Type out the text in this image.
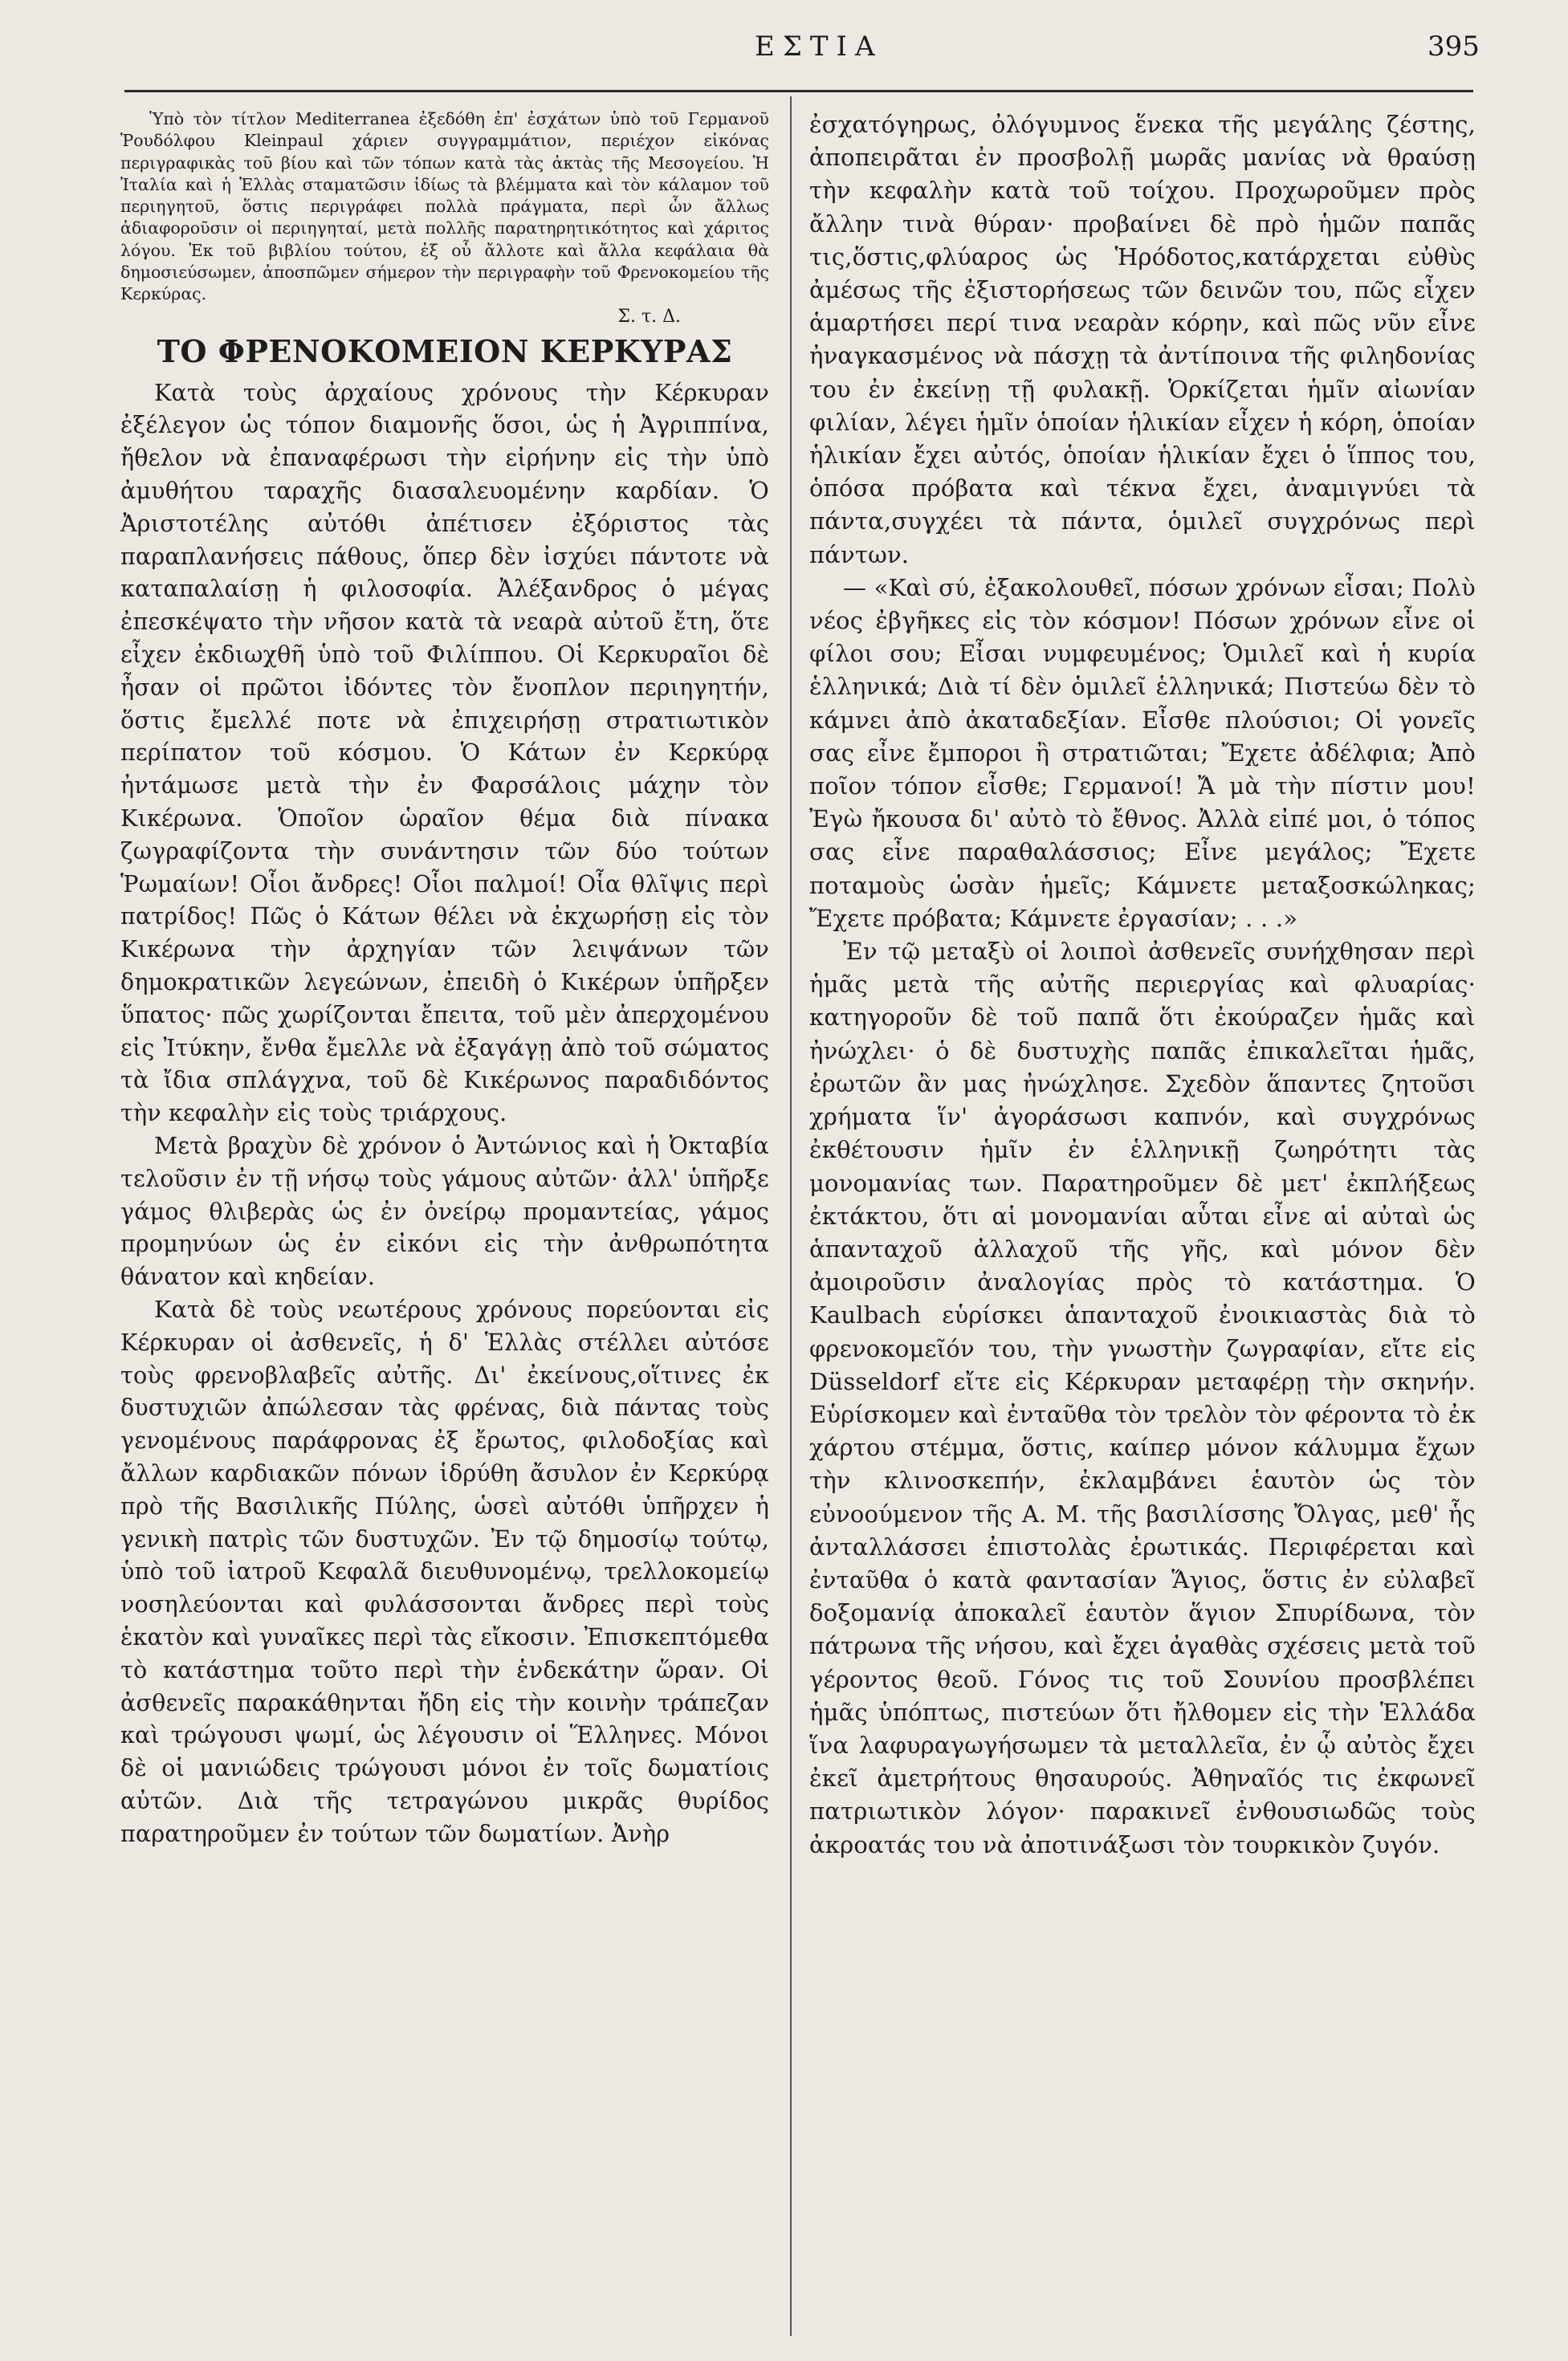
ΕΣΤΙΑ	395

Ὑπὸ τὸν τίτλον Mediterranea ἐξεδόθη ἐπ' ἐσχάτων ὑπὸ τοῦ Γερμανοῦ Ῥουδόλφου Kleinpaul χάριεν συγγραμμάτιον, περιέχον εἰκόνας περιγραφικὰς τοῦ βίου καὶ τῶν τόπων κατὰ τὰς ἀκτὰς τῆς Μεσογείου. Ἡ Ἰταλία καὶ ἡ Ἑλλὰς σταματῶσιν ἰδίως τὰ βλέμματα καὶ τὸν κάλαμον τοῦ περιηγητοῦ, ὅστις περιγράφει πολλὰ πράγματα, περὶ ὧν ἄλλως ἀδιαφοροῦσιν οἱ περιηγηταί, μετὰ πολλῆς παρατηρητικότητος καὶ χάριτος λόγου. Ἐκ τοῦ βιβλίου τούτου, ἐξ οὗ ἄλλοτε καὶ ἄλλα κεφάλαια θὰ δημοσιεύσωμεν, ἀποσπῶμεν σήμερον τὴν περιγραφὴν τοῦ Φρενοκομείου τῆς Κερκύρας.

Σ. τ. Δ.

ΤΟ ΦΡΕΝΟΚΟΜΕΙΟΝ ΚΕΡΚΥΡΑΣ

Κατὰ τοὺς ἀρχαίους χρόνους τὴν Κέρκυραν ἐξέλεγον ὡς τόπον διαμονῆς ὅσοι, ὡς ἡ Ἀγριππίνα, ἤθελον νὰ ἐπαναφέρωσι τὴν εἰρήνην εἰς τὴν ὑπὸ ἀμυθήτου ταραχῆς διασαλευομένην καρδίαν. Ὁ Ἀριστοτέλης αὐτόθι ἀπέτισεν ἐξόριστος τὰς παραπλανήσεις πάθους, ὅπερ δὲν ἰσχύει πάντοτε νὰ καταπαλαίσῃ ἡ φιλοσοφία. Ἀλέξανδρος ὁ μέγας ἐπεσκέψατο τὴν νῆσον κατὰ τὰ νεαρὰ αὐτοῦ ἔτη, ὅτε εἶχεν ἐκδιωχθῆ ὑπὸ τοῦ Φιλίππου. Οἱ Κερκυραῖοι δὲ ἦσαν οἱ πρῶτοι ἰδόντες τὸν ἔνοπλον περιηγητήν, ὅστις ἔμελλέ ποτε νὰ ἐπιχειρήσῃ στρατιωτικὸν περίπατον τοῦ κόσμου. Ὁ Κάτων ἐν Κερκύρᾳ ἠντάμωσε μετὰ τὴν ἐν Φαρσάλοις μάχην τὸν Κικέρωνα. Ὁποῖον ὡραῖον θέμα διὰ πίνακα ζωγραφίζοντα τὴν συνάντησιν τῶν δύο τούτων Ῥωμαίων! Οἷοι ἄνδρες! Οἷοι παλμοί! Οἷα θλῖψις περὶ πατρίδος! Πῶς ὁ Κάτων θέλει νὰ ἐκχωρήσῃ εἰς τὸν Κικέρωνα τὴν ἀρχηγίαν τῶν λειψάνων τῶν δημοκρατικῶν λεγεώνων, ἐπειδὴ ὁ Κικέρων ὑπῆρξεν ὕπατος· πῶς χωρίζονται ἔπειτα, τοῦ μὲν ἀπερχομένου εἰς Ἰτύκην, ἔνθα ἔμελλε νὰ ἐξαγάγῃ ἀπὸ τοῦ σώματος τὰ ἴδια σπλάγχνα, τοῦ δὲ Κικέρωνος παραδιδόντος τὴν κεφαλὴν εἰς τοὺς τριάρχους.

Μετὰ βραχὺν δὲ χρόνον ὁ Ἀντώνιος καὶ ἡ Ὀκταβία τελοῦσιν ἐν τῇ νήσῳ τοὺς γάμους αὐτῶν· ἀλλ' ὑπῆρξε γάμος θλιβερὰς ὡς ἐν ὀνείρῳ προμαντείας, γάμος προμηνύων ὡς ἐν εἰκόνι εἰς τὴν ἀνθρωπότητα θάνατον καὶ κηδείαν.

Κατὰ δὲ τοὺς νεωτέρους χρόνους πορεύονται εἰς Κέρκυραν οἱ ἀσθενεῖς, ἡ δ' Ἑλλὰς στέλλει αὐτόσε τοὺς φρενοβλαβεῖς αὐτῆς. Δι' ἐκείνους,οἵτινες ἐκ δυστυχιῶν ἀπώλεσαν τὰς φρένας, διὰ πάντας τοὺς γενομένους παράφρονας ἐξ ἔρωτος, φιλοδοξίας καὶ ἄλλων καρδιακῶν πόνων ἱδρύθη ἄσυλον ἐν Κερκύρᾳ πρὸ τῆς Βασιλικῆς Πύλης, ὡσεὶ αὐτόθι ὑπῆρχεν ἡ γενικὴ πατρὶς τῶν δυστυχῶν. Ἐν τῷ δημοσίῳ τούτῳ, ὑπὸ τοῦ ἰατροῦ Κεφαλᾶ διευθυνομένῳ, τρελλοκομείῳ νοσηλεύονται καὶ φυλάσσονται ἄνδρες περὶ τοὺς ἑκατὸν καὶ γυναῖκες περὶ τὰς εἴκοσιν. Ἐπισκεπτόμεθα τὸ κατάστημα τοῦτο περὶ τὴν ἑνδεκάτην ὥραν. Οἱ ἀσθενεῖς παρακάθηνται ἤδη εἰς τὴν κοινὴν τράπεζαν καὶ τρώγουσι ψωμί, ὡς λέγουσιν οἱ Ἕλληνες. Μόνοι δὲ οἱ μανιώδεις τρώγουσι μόνοι ἐν τοῖς δωματίοις αὐτῶν. Διὰ τῆς τετραγώνου μικρᾶς θυρίδος παρατηροῦμεν ἐν τούτων τῶν δωματίων. Ἀνὴρ

ἐσχατόγηρως, ὀλόγυμνος ἕνεκα τῆς μεγάλης ζέστης, ἀποπειρᾶται ἐν προσβολῇ μωρᾶς μανίας νὰ θραύσῃ τὴν κεφαλὴν κατὰ τοῦ τοίχου. Προχωροῦμεν πρὸς ἄλλην τινὰ θύραν· προβαίνει δὲ πρὸ ἡμῶν παπᾶς τις,ὅστις,φλύαρος ὡς Ἡρόδοτος,κατάρχεται εὐθὺς ἀμέσως τῆς ἐξιστορήσεως τῶν δεινῶν του, πῶς εἶχεν ἁμαρτήσει περί τινα νεαρὰν κόρην, καὶ πῶς νῦν εἶνε ἠναγκασμένος νὰ πάσχῃ τὰ ἀντίποινα τῆς φιληδονίας του ἐν ἐκείνῃ τῇ φυλακῇ. Ὁρκίζεται ἡμῖν αἰωνίαν φιλίαν, λέγει ἡμῖν ὁποίαν ἡλικίαν εἶχεν ἡ κόρη, ὁποίαν ἡλικίαν ἔχει αὐτός, ὁποίαν ἡλικίαν ἔχει ὁ ἵππος του, ὁπόσα πρόβατα καὶ τέκνα ἔχει, ἀναμιγνύει τὰ πάντα,συγχέει τὰ πάντα, ὁμιλεῖ συγχρόνως περὶ πάντων.

— «Καὶ σύ, ἐξακολουθεῖ, πόσων χρόνων εἶσαι; Πολὺ νέος ἐβγῆκες εἰς τὸν κόσμον! Πόσων χρόνων εἶνε οἱ φίλοι σου; Εἶσαι νυμφευμένος; Ὁμιλεῖ καὶ ἡ κυρία ἑλληνικά; Διὰ τί δὲν ὁμιλεῖ ἑλληνικά; Πιστεύω δὲν τὸ κάμνει ἀπὸ ἀκαταδεξίαν. Εἶσθε πλούσιοι; Οἱ γονεῖς σας εἶνε ἔμποροι ἢ στρατιῶται; Ἔχετε ἀδέλφια; Ἀπὸ ποῖον τόπον εἶσθε; Γερμανοί! Ἄ μὰ τὴν πίστιν μου! Ἐγὼ ἤκουσα δι' αὐτὸ τὸ ἔθνος. Ἀλλὰ εἰπέ μοι, ὁ τόπος σας εἶνε παραθαλάσσιος; Εἶνε μεγάλος; Ἔχετε ποταμοὺς ὡσὰν ἡμεῖς; Κάμνετε μεταξοσκώληκας; Ἔχετε πρόβατα; Κάμνετε ἐργασίαν; . . .»

Ἐν τῷ μεταξὺ οἱ λοιποὶ ἀσθενεῖς συνήχθησαν περὶ ἡμᾶς μετὰ τῆς αὐτῆς περιεργίας καὶ φλυαρίας· κατηγοροῦν δὲ τοῦ παπᾶ ὅτι ἐκούραζεν ἡμᾶς καὶ ἠνώχλει· ὁ δὲ δυστυχὴς παπᾶς ἐπικαλεῖται ἡμᾶς, ἐρωτῶν ἂν μας ἠνώχλησε. Σχεδὸν ἅπαντες ζητοῦσι χρήματα ἵν' ἀγοράσωσι καπνόν, καὶ συγχρόνως ἐκθέτουσιν ἡμῖν ἐν ἑλληνικῇ ζωηρότητι τὰς μονομανίας των. Παρατηροῦμεν δὲ μετ' ἐκπλήξεως ἐκτάκτου, ὅτι αἱ μονομανίαι αὗται εἶνε αἱ αὐταὶ ὡς ἁπανταχοῦ ἀλλαχοῦ τῆς γῆς, καὶ μόνον δὲν ἀμοιροῦσιν ἀναλογίας πρὸς τὸ κατάστημα. Ὁ Kaulbach εὑρίσκει ἁπανταχοῦ ἐνοικιαστὰς διὰ τὸ φρενοκομεῖόν του, τὴν γνωστὴν ζωγραφίαν, εἴτε εἰς Düsseldorf εἴτε εἰς Κέρκυραν μεταφέρῃ τὴν σκηνήν. Εὑρίσκομεν καὶ ἐνταῦθα τὸν τρελὸν τὸν φέροντα τὸ ἐκ χάρτου στέμμα, ὅστις, καίπερ μόνον κάλυμμα ἔχων τὴν κλινοσκεπήν, ἐκλαμβάνει ἑαυτὸν ὡς τὸν εὐνοούμενον τῆς Α. Μ. τῆς βασιλίσσης Ὄλγας, μεθ' ἧς ἀνταλλάσσει ἐπιστολὰς ἐρωτικάς. Περιφέρεται καὶ ἐνταῦθα ὁ κατὰ φαντασίαν Ἅγιος, ὅστις ἐν εὐλαβεῖ δοξομανίᾳ ἀποκαλεῖ ἑαυτὸν ἅγιον Σπυρίδωνα, τὸν πάτρωνα τῆς νήσου, καὶ ἔχει ἀγαθὰς σχέσεις μετὰ τοῦ γέροντος θεοῦ. Γόνος τις τοῦ Σουνίου προσβλέπει ἡμᾶς ὑπόπτως, πιστεύων ὅτι ἤλθομεν εἰς τὴν Ἑλλάδα ἵνα λαφυραγωγήσωμεν τὰ μεταλλεῖα, ἐν ᾧ αὐτὸς ἔχει ἐκεῖ ἀμετρήτους θησαυρούς. Ἀθηναῖός τις ἐκφωνεῖ πατριωτικὸν λόγον· παρακινεῖ ἐνθουσιωδῶς τοὺς ἀκροατάς του νὰ ἀποτινάξωσι τὸν τουρκικὸν ζυγόν.
